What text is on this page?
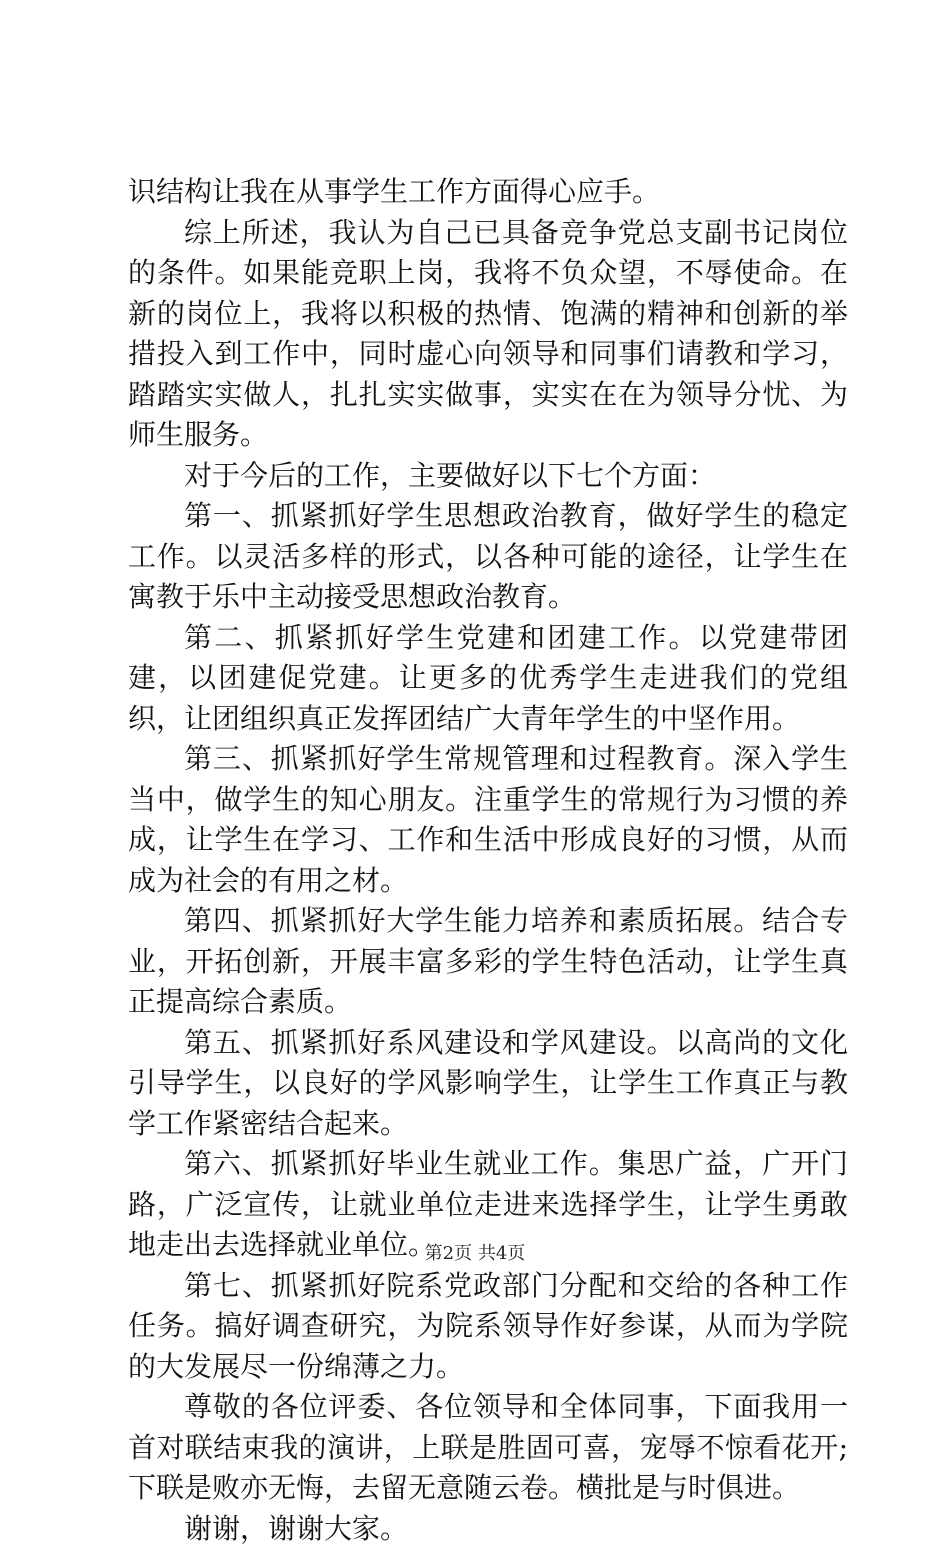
识结构让我在从事学生工作方面得心应手。

综上所述，我认为自己已具备竞争党总支副书记岗位的条件。如果能竞职上岗，我将不负众望，不辱使命。在新的岗位上，我将以积极的热情、饱满的精神和创新的举措投入到工作中，同时虚心向领导和同事们请教和学习，踏踏实实做人，扎扎实实做事，实实在在为领导分忧、为师生服务。

对于今后的工作，主要做好以下七个方面：

第一、抓紧抓好学生思想政治教育，做好学生的稳定工作。以灵活多样的形式，以各种可能的途径，让学生在寓教于乐中主动接受思想政治教育。

第二、抓紧抓好学生党建和团建工作。以党建带团建，以团建促党建。让更多的优秀学生走进我们的党组织，让团组织真正发挥团结广大青年学生的中坚作用。

第三、抓紧抓好学生常规管理和过程教育。深入学生当中，做学生的知心朋友。注重学生的常规行为习惯的养成，让学生在学习、工作和生活中形成良好的习惯，从而成为社会的有用之材。

第四、抓紧抓好大学生能力培养和素质拓展。结合专业，开拓创新，开展丰富多彩的学生特色活动，让学生真正提高综合素质。

第五、抓紧抓好系风建设和学风建设。以高尚的文化引导学生，以良好的学风影响学生，让学生工作真正与教学工作紧密结合起来。

第六、抓紧抓好毕业生就业工作。集思广益，广开门路，广泛宣传，让就业单位走进来选择学生，让学生勇敢地走出去选择就业单位。

第七、抓紧抓好院系党政部门分配和交给的各种工作任务。搞好调查研究，为院系领导作好参谋，从而为学院的大发展尽一份绵薄之力。

尊敬的各位评委、各位领导和全体同事，下面我用一首对联结束我的演讲，上联是胜固可喜，宠辱不惊看花开;下联是败亦无悔，去留无意随云卷。横批是与时俱进。

谢谢，谢谢大家。

第2页 共4页
